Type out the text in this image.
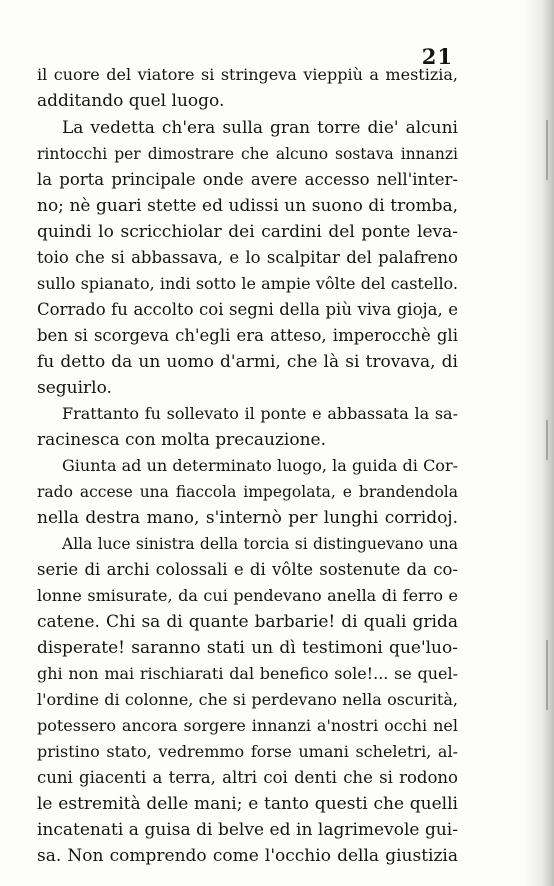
21
il cuore del viatore si stringeva vieppiù a mestizia,
additando quel luogo.
La vedetta ch'era sulla gran torre die' alcuni
rintocchi per dimostrare che alcuno sostava innanzi
la porta principale onde avere accesso nell'inter-
no; nè guari stette ed udissi un suono di tromba,
quindi lo scricchiolar dei cardini del ponte leva-
toio che si abbassava, e lo scalpitar del palafreno
sullo spianato, indi sotto le ampie vôlte del castello.
Corrado fu accolto coi segni della più viva gioja, e
ben si scorgeva ch'egli era atteso, imperocchè gli
fu detto da un uomo d'armi, che là si trovava, di
seguirlo.
Frattanto fu sollevato il ponte e abbassata la sa-
racinesca con molta precauzione.
Giunta ad un determinato luogo, la guida di Cor-
rado accese una fiaccola impegolata, e brandendola
nella destra mano, s'internò per lunghi corridoj.
Alla luce sinistra della torcia si distinguevano una
serie di archi colossali e di vôlte sostenute da co-
lonne smisurate, da cui pendevano anella di ferro e
catene. Chi sa di quante barbarie! di quali grida
disperate! saranno stati un dì testimoni que'luo-
ghi non mai rischiarati dal benefico sole!... se quel-
l'ordine di colonne, che si perdevano nella oscurità,
potessero ancora sorgere innanzi a'nostri occhi nel
pristino stato, vedremmo forse umani scheletri, al-
cuni giacenti a terra, altri coi denti che si rodono
le estremità delle mani; e tanto questi che quelli
incatenati a guisa di belve ed in lagrimevole gui-
sa. Non comprendo come l'occhio della giustizia
